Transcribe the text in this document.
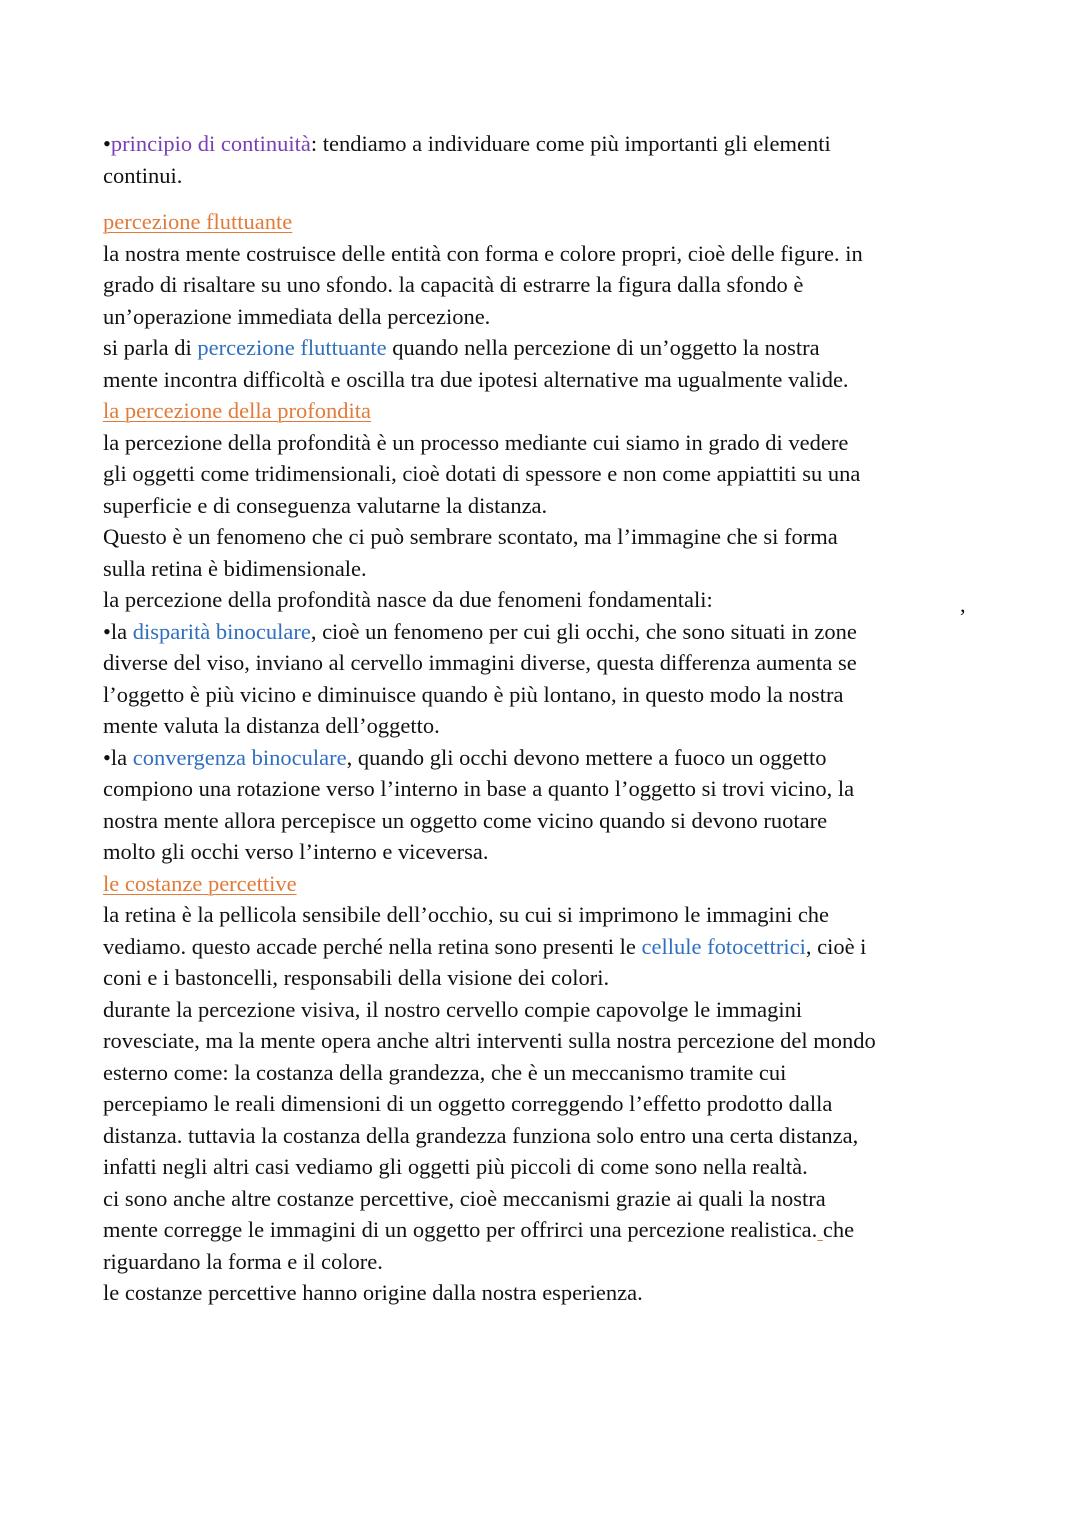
•principio di continuità: tendiamo a individuare come più importanti gli elementi
continui.
percezione fluttuante
la nostra mente costruisce delle entità con forma e colore propri, cioè delle figure. in
grado di risaltare su uno sfondo. la capacità di estrarre la figura dalla sfondo è
un’operazione immediata della percezione.
si parla di percezione fluttuante quando nella percezione di un’oggetto la nostra
mente incontra difficoltà e oscilla tra due ipotesi alternative ma ugualmente valide.
la percezione della profondita
la percezione della profondità è un processo mediante cui siamo in grado di vedere
gli oggetti come tridimensionali, cioè dotati di spessore e non come appiattiti su una
superficie e di conseguenza valutarne la distanza.
Questo è un fenomeno che ci può sembrare scontato, ma l’immagine che si forma
sulla retina è bidimensionale.
la percezione della profondità nasce da due fenomeni fondamentali:	,
•la disparità binoculare, cioè un fenomeno per cui gli occhi, che sono situati in zone
diverse del viso, inviano al cervello immagini diverse, questa differenza aumenta se
l’oggetto è più vicino e diminuisce quando è più lontano, in questo modo la nostra
mente valuta la distanza dell’oggetto.
•la convergenza binoculare, quando gli occhi devono mettere a fuoco un oggetto
compiono una rotazione verso l’interno in base a quanto l’oggetto si trovi vicino, la
nostra mente allora percepisce un oggetto come vicino quando si devono ruotare
molto gli occhi verso l’interno e viceversa.
le costanze percettive
la retina è la pellicola sensibile dell’occhio, su cui si imprimono le immagini che
vediamo. questo accade perché nella retina sono presenti le cellule fotocettrici, cioè i
coni e i bastoncelli, responsabili della visione dei colori.
durante la percezione visiva, il nostro cervello compie capovolge le immagini
rovesciate, ma la mente opera anche altri interventi sulla nostra percezione del mondo
esterno come: la costanza della grandezza, che è un meccanismo tramite cui
percepiamo le reali dimensioni di un oggetto correggendo l’effetto prodotto dalla
distanza. tuttavia la costanza della grandezza funziona solo entro una certa distanza,
infatti negli altri casi vediamo gli oggetti più piccoli di come sono nella realtà.
ci sono anche altre costanze percettive, cioè meccanismi grazie ai quali la nostra
mente corregge le immagini di un oggetto per offrirci una percezione realistica. che
riguardano la forma e il colore.
le costanze percettive hanno origine dalla nostra esperienza.
